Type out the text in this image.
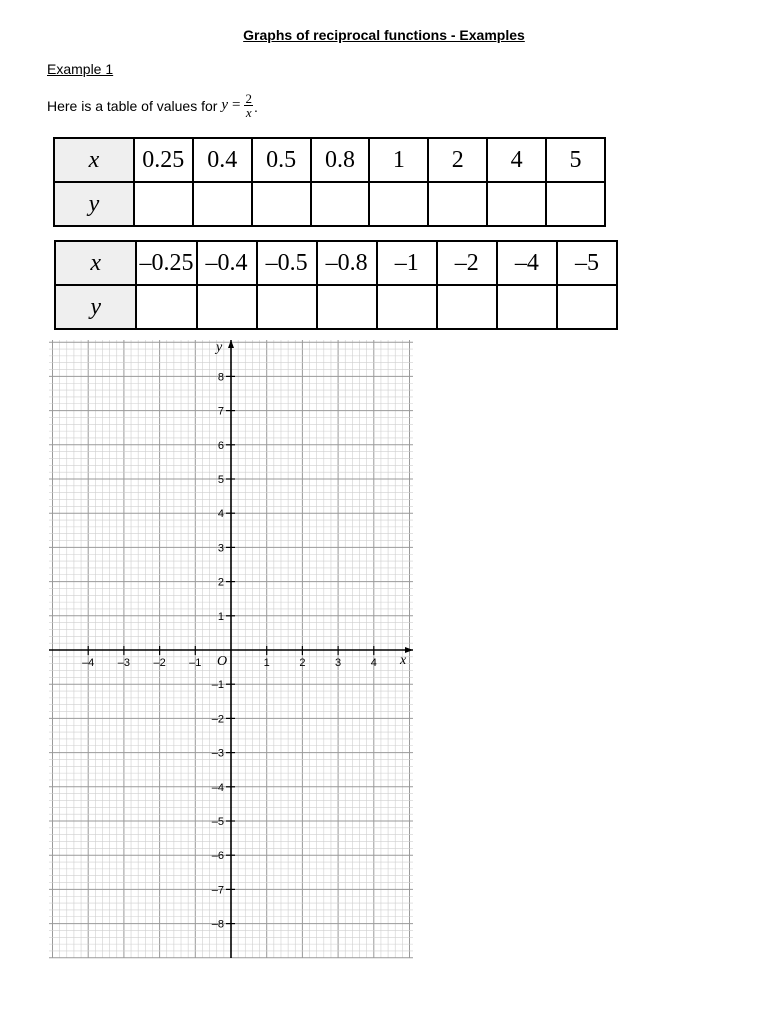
Graphs of reciprocal functions - Examples

Example 1

Here is a table of values for
$y = \frac{2}{x}$ .
x	0.25	0.4	0.5	0.8	1	2	4	5
y								
x	–0.25	–0.4	–0.5	–0.8	–1	–2	–4	–5
y								
–4 –3 –2 –1	1	2	3	4
8
7
6
5
4
3
2
1
–1
–2
–3
–4
–5
–6
–7
–8
x
y
O
